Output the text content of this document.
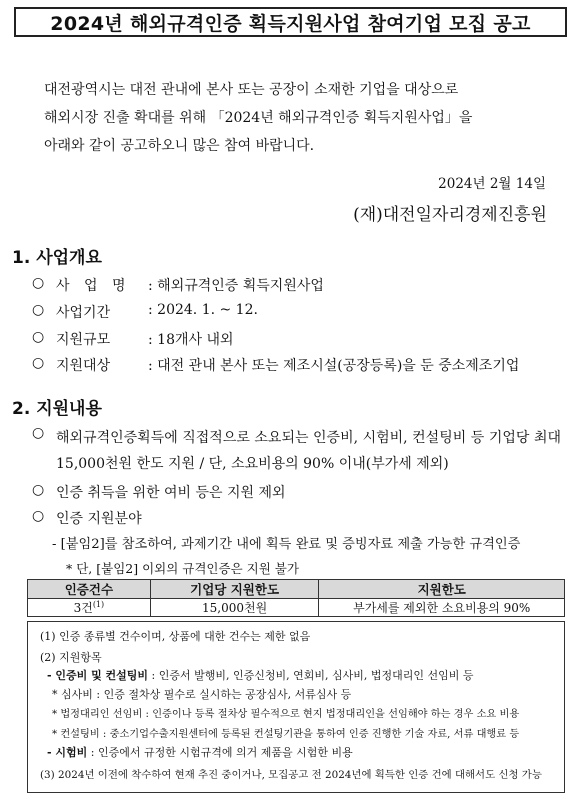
2024년 해외규격인증 획득지원사업 참여기업 모집 공고

대전광역시는 대전 관내에 본사 또는 공장이 소재한 기업을 대상으로

해외시장 진출 확대를 위해 「2024년 해외규격인증 획득지원사업」을

아래와 같이 공고하오니 많은 참여 바랍니다.

2024년 2월 14일
(재)대전일자리경제진흥원
1. 사업개요
○ 사 업 명	: 해외규격인증 획득지원사업
○ 사업기간	: 2024. 1. ~ 12.
○ 지원규모	: 18개사 내외
○ 지원대상	: 대전 관내 본사 또는 제조시설(공장등록)을 둔 중소제조기업
2. 지원내용
○ 해외규격인증획득에 직접적으로 소요되는 인증비, 시험비, 컨설팅비 등 기업당 최대 15,000천원 한도 지원 / 단, 소요비용의 90% 이내(부가세 제외)
○ 인증 취득을 위한 여비 등은 지원 제외
○ 인증 지원분야
- [붙임2]를 참조하여, 과제기간 내에 획득 완료 및 증빙자료 제출 가능한 규격인증
* 단, [붙임2] 이외의 규격인증은 지원 불가
인증건수	기업당 지원한도	지원한도
3건$^{(1)}$	15,000천원	부가세를 제외한 소요비용의 90%
(1) 인증 종류별 건수이며, 상품에 대한 건수는 제한 없음
(2) 지원항목
- 인증비 및 컨설팅비 : 인증서 발행비, 인증신청비, 연회비, 심사비, 법정대리인 선임비 등
* 심사비 : 인증 절차상 필수로 실시하는 공장심사, 서류심사 등
* 법정대리인 선임비 : 인증이나 등록 절차상 필수적으로 현지 법정대리인을 선임해야 하는 경우 소요 비용
* 컨설팅비 : 중소기업수출지원센터에 등록된 컨설팅기관을 통하여 인증 진행한 기술 자료, 서류 대행료 등
- 시험비 : 인증에서 규정한 시험규격에 의거 제품을 시험한 비용
(3) 2024년 이전에 착수하여 현재 추진 중이거나, 모집공고 전 2024년에 획득한 인증 건에 대해서도 신청 가능
